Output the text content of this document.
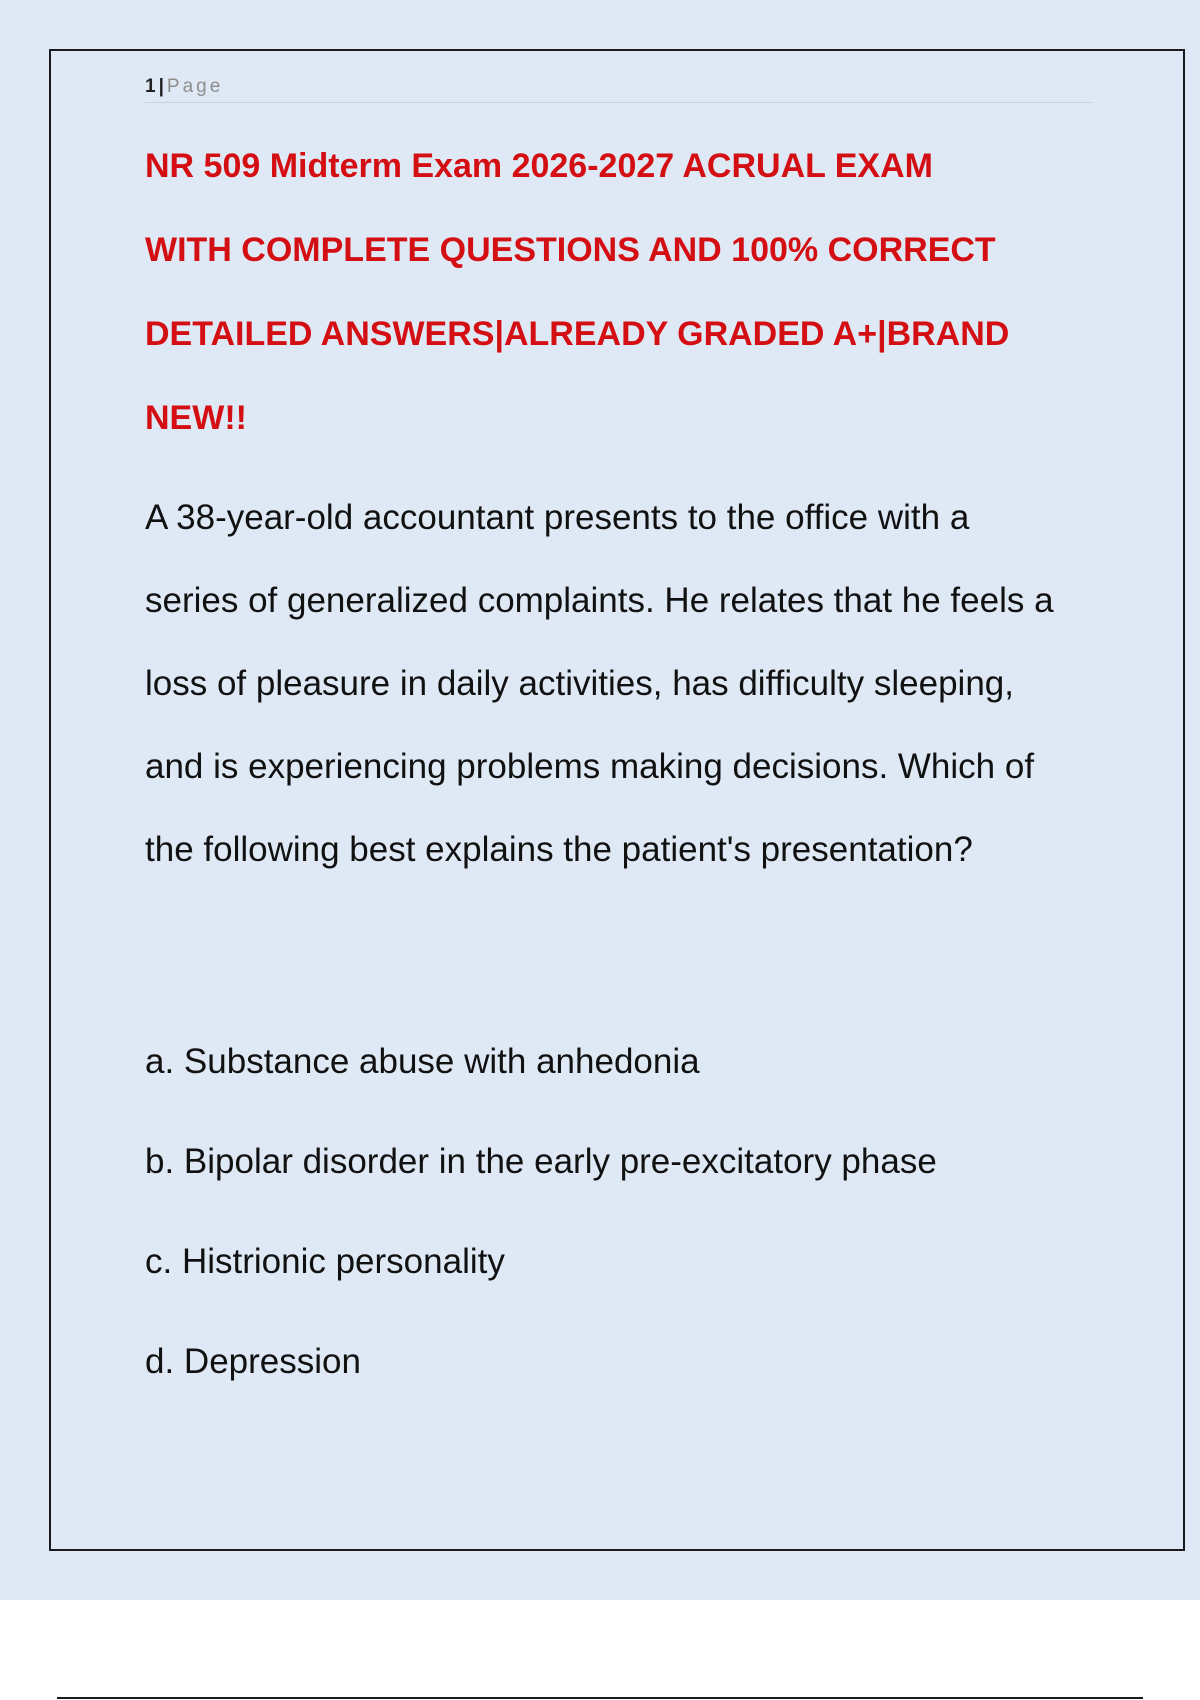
1 | Page
NR 509 Midterm Exam 2026-2027 ACRUAL EXAM
WITH COMPLETE QUESTIONS AND 100% CORRECT
DETAILED ANSWERS|ALREADY GRADED A+|BRAND
NEW!!

A 38-year-old accountant presents to the office with a
series of generalized complaints. He relates that he feels a
loss of pleasure in daily activities, has difficulty sleeping,
and is experiencing problems making decisions. Which of
the following best explains the patient's presentation?

a. Substance abuse with anhedonia
b. Bipolar disorder in the early pre-excitatory phase
c. Histrionic personality
d. Depression
